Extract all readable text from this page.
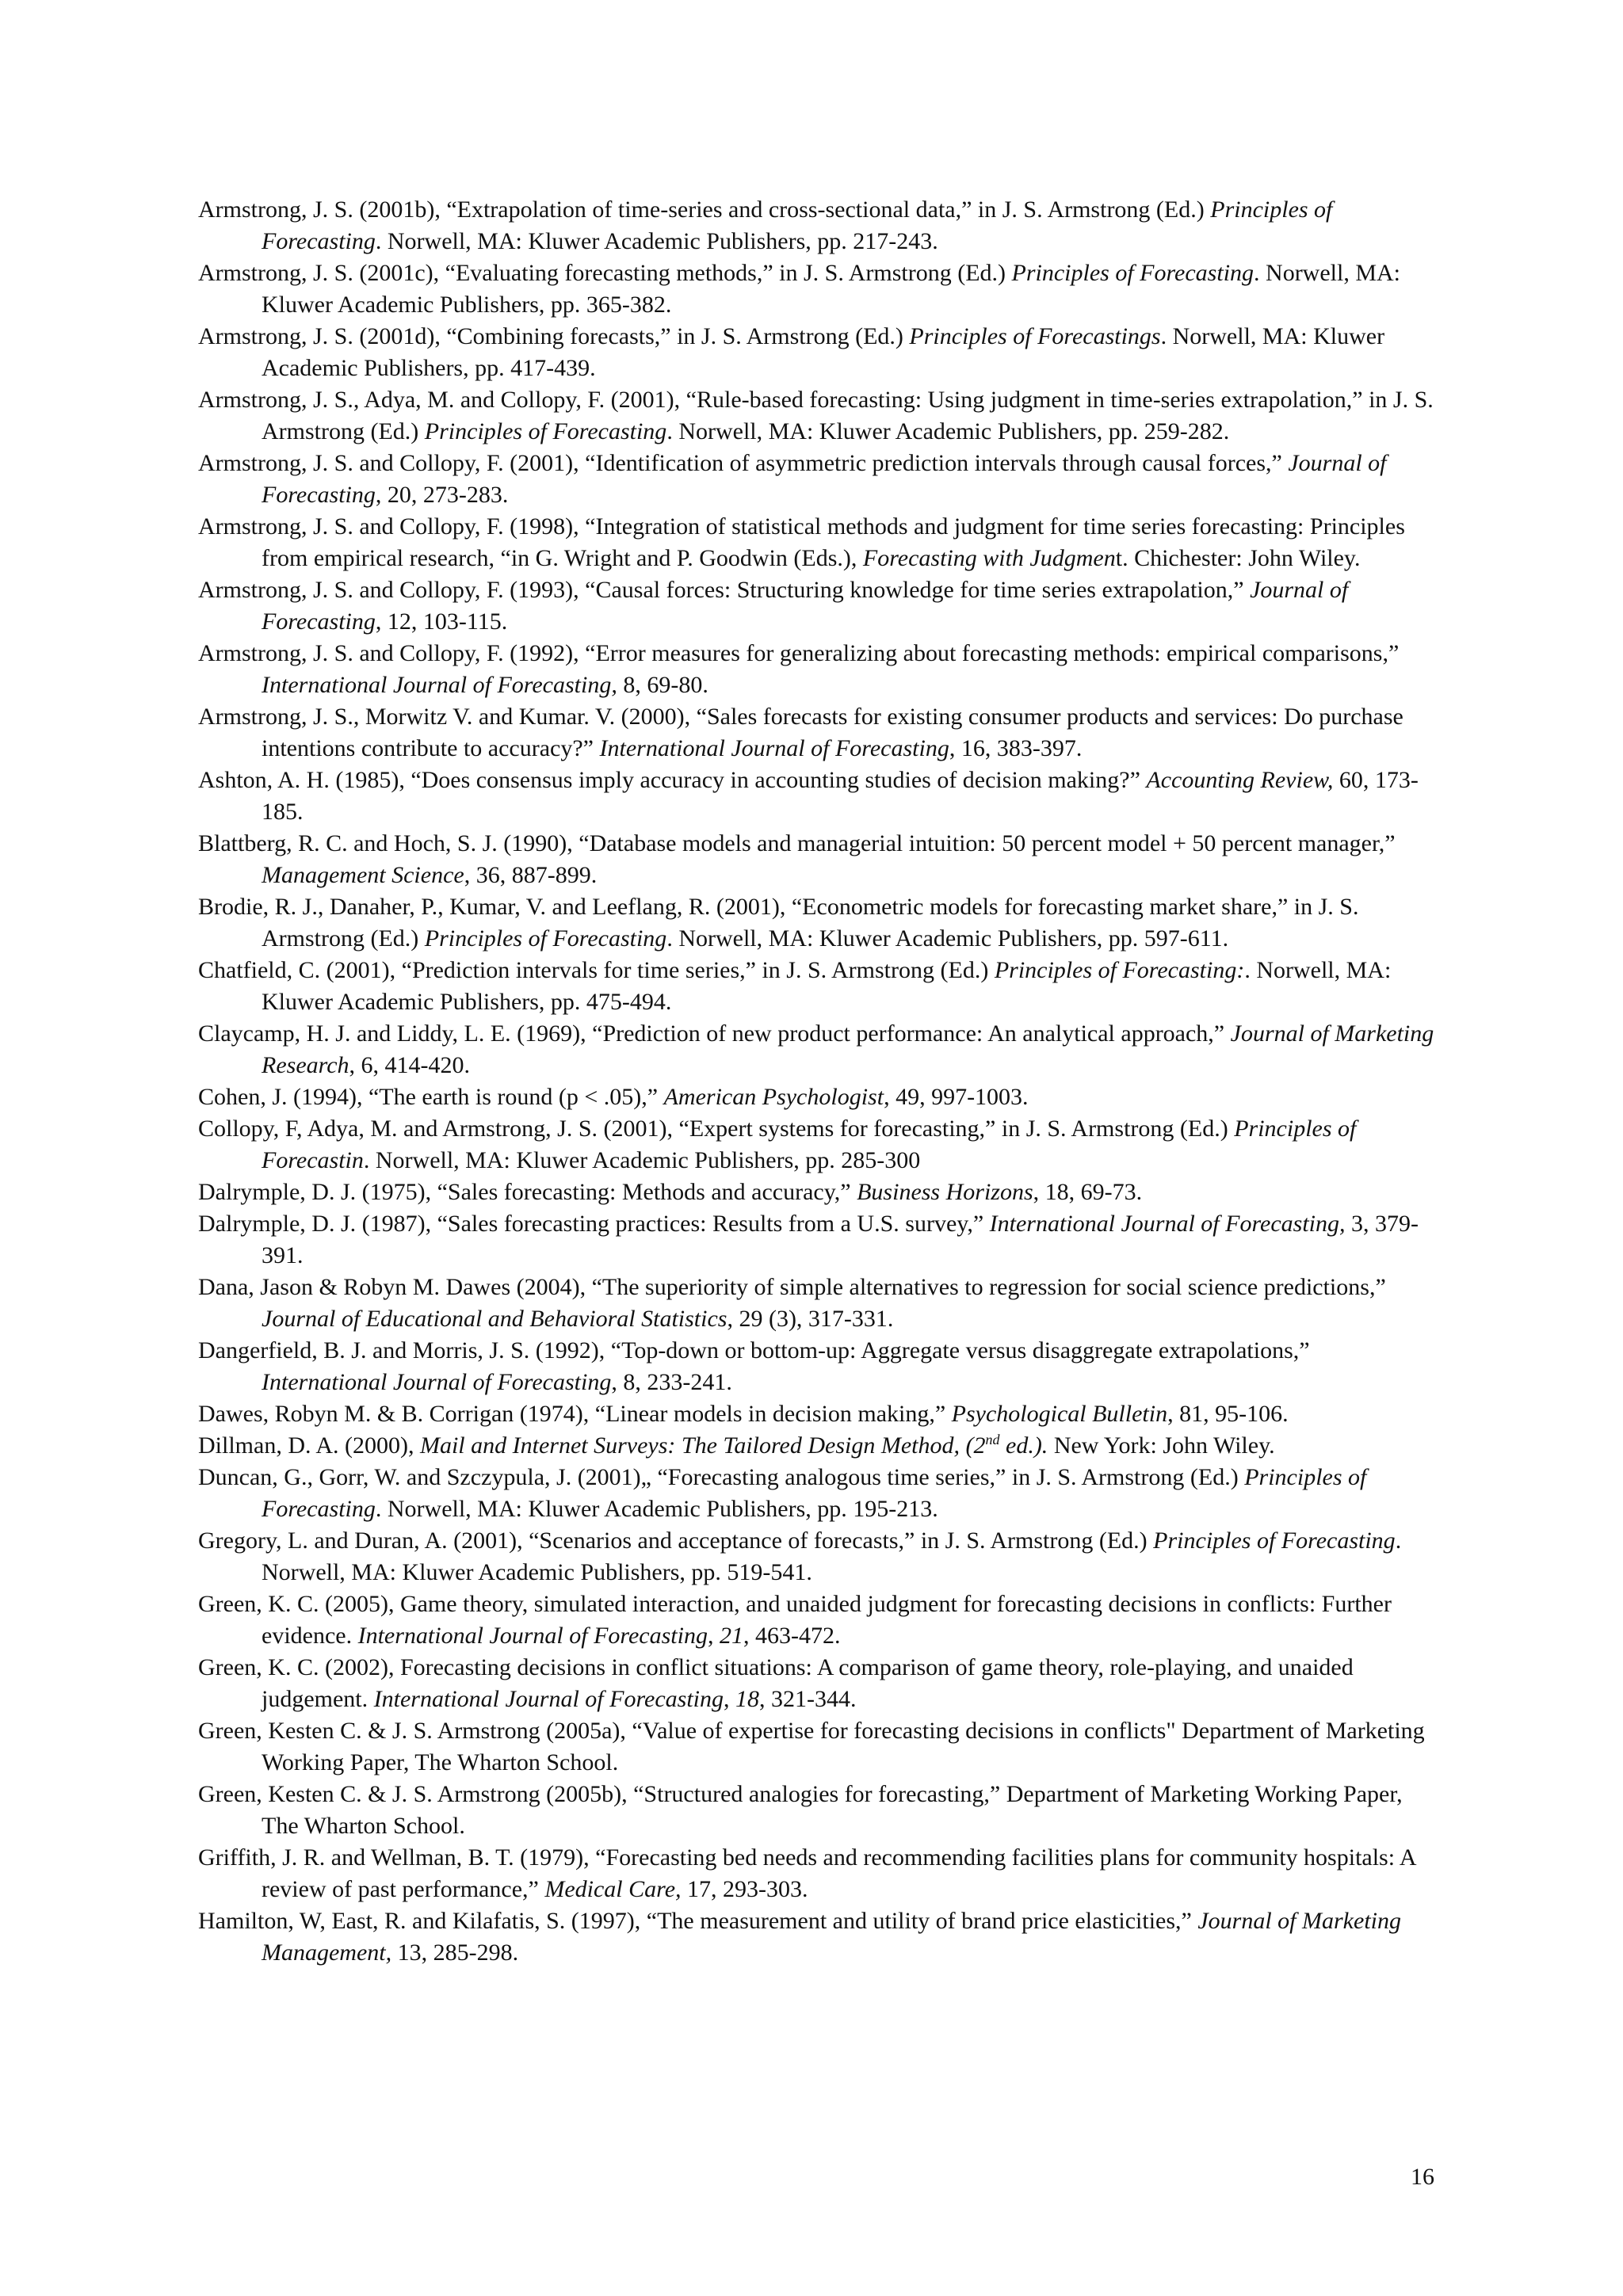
Armstrong, J. S. (2001b), “Extrapolation of time-series and cross-sectional data,” in J. S. Armstrong (Ed.) Principles of Forecasting. Norwell, MA: Kluwer Academic Publishers, pp. 217-243.

Armstrong, J. S. (2001c), “Evaluating forecasting methods,” in J. S. Armstrong (Ed.) Principles of Forecasting. Norwell, MA: Kluwer Academic Publishers, pp. 365-382.

Armstrong, J. S. (2001d), “Combining forecasts,” in J. S. Armstrong (Ed.) Principles of Forecastings. Norwell, MA: Kluwer Academic Publishers, pp. 417-439.

Armstrong, J. S., Adya, M. and Collopy, F. (2001), “Rule-based forecasting: Using judgment in time-series extrapolation,” in J. S. Armstrong (Ed.) Principles of Forecasting. Norwell, MA: Kluwer Academic Publishers, pp. 259-282.

Armstrong, J. S. and Collopy, F. (2001), “Identification of asymmetric prediction intervals through causal forces,” Journal of Forecasting, 20, 273-283.

Armstrong, J. S. and Collopy, F. (1998), “Integration of statistical methods and judgment for time series forecasting: Principles from empirical research, “in G. Wright and P. Goodwin (Eds.), Forecasting with Judgment. Chichester: John Wiley.

Armstrong, J. S. and Collopy, F. (1993), “Causal forces: Structuring knowledge for time series extrapolation,” Journal of Forecasting, 12, 103-115.

Armstrong, J. S. and Collopy, F. (1992), “Error measures for generalizing about forecasting methods: empirical comparisons,” International Journal of Forecasting, 8, 69-80.

Armstrong, J. S., Morwitz V. and Kumar. V. (2000), “Sales forecasts for existing consumer products and services: Do purchase intentions contribute to accuracy?” International Journal of Forecasting, 16, 383-397.

Ashton, A. H. (1985), “Does consensus imply accuracy in accounting studies of decision making?” Accounting Review, 60, 173-185.

Blattberg, R. C. and Hoch, S. J. (1990), “Database models and managerial intuition: 50 percent model + 50 percent manager,” Management Science, 36, 887-899.

Brodie, R. J., Danaher, P., Kumar, V. and Leeflang, R. (2001), “Econometric models for forecasting market share,” in J. S. Armstrong (Ed.) Principles of Forecasting. Norwell, MA: Kluwer Academic Publishers, pp. 597-611.

Chatfield, C. (2001), “Prediction intervals for time series,” in J. S. Armstrong (Ed.) Principles of Forecasting:. Norwell, MA: Kluwer Academic Publishers, pp. 475-494.

Claycamp, H. J. and Liddy, L. E. (1969), “Prediction of new product performance: An analytical approach,” Journal of Marketing Research, 6, 414-420.

Cohen, J. (1994), “The earth is round (p < .05),” American Psychologist, 49, 997-1003.

Collopy, F, Adya, M. and Armstrong, J. S. (2001), “Expert systems for forecasting,” in J. S. Armstrong (Ed.) Principles of Forecastin. Norwell, MA: Kluwer Academic Publishers, pp. 285-300

Dalrymple, D. J. (1975), “Sales forecasting: Methods and accuracy,” Business Horizons, 18, 69-73.

Dalrymple, D. J. (1987), “Sales forecasting practices: Results from a U.S. survey,” International Journal of Forecasting, 3, 379-391.

Dana, Jason & Robyn M. Dawes (2004), “The superiority of simple alternatives to regression for social science predictions,” Journal of Educational and Behavioral Statistics, 29 (3), 317-331.

Dangerfield, B. J. and Morris, J. S. (1992), “Top-down or bottom-up: Aggregate versus disaggregate extrapolations,” International Journal of Forecasting, 8, 233-241.

Dawes, Robyn M. & B. Corrigan (1974), “Linear models in decision making,” Psychological Bulletin, 81, 95-106.

Dillman, D. A. (2000), Mail and Internet Surveys: The Tailored Design Method, (2nd ed.). New York: John Wiley.

Duncan, G., Gorr, W. and Szczypula, J. (2001)„ “Forecasting analogous time series,” in J. S. Armstrong (Ed.) Principles of Forecasting. Norwell, MA: Kluwer Academic Publishers, pp. 195-213.

Gregory, L. and Duran, A. (2001), “Scenarios and acceptance of forecasts,” in J. S. Armstrong (Ed.) Principles of Forecasting. Norwell, MA: Kluwer Academic Publishers, pp. 519-541.

Green, K. C. (2005), Game theory, simulated interaction, and unaided judgment for forecasting decisions in conflicts: Further evidence. International Journal of Forecasting, 21, 463-472.

Green, K. C. (2002), Forecasting decisions in conflict situations: A comparison of game theory, role-playing, and unaided judgement. International Journal of Forecasting, 18, 321-344.

Green, Kesten C. & J. S. Armstrong (2005a), “Value of expertise for forecasting decisions in conflicts" Department of Marketing Working Paper, The Wharton School.

Green, Kesten C. & J. S. Armstrong (2005b), “Structured analogies for forecasting,” Department of Marketing Working Paper, The Wharton School.

Griffith, J. R. and Wellman, B. T. (1979), “Forecasting bed needs and recommending facilities plans for community hospitals: A review of past performance,” Medical Care, 17, 293-303.

Hamilton, W, East, R. and Kilafatis, S. (1997), “The measurement and utility of brand price elasticities,” Journal of Marketing Management, 13, 285-298.

16
